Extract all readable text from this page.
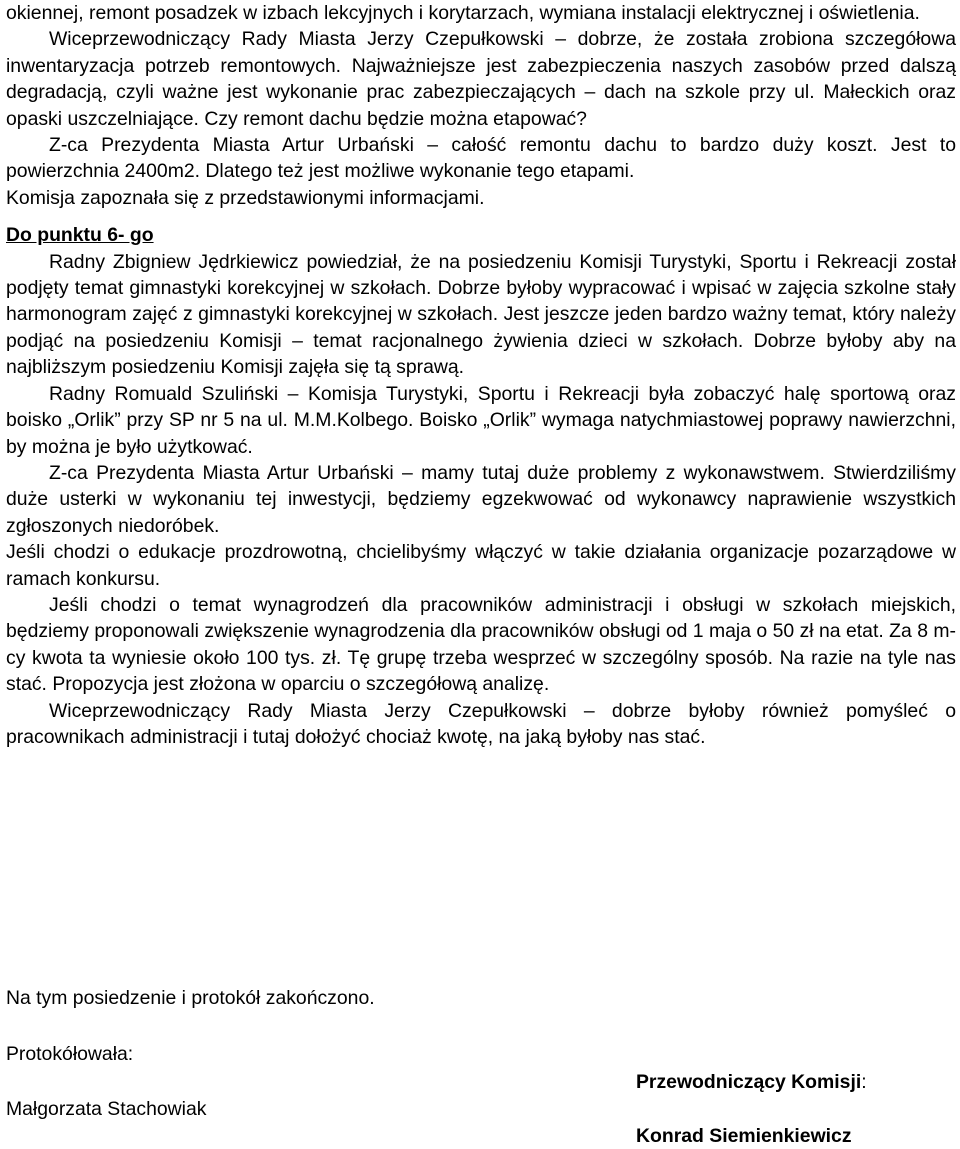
okiennej, remont posadzek w izbach lekcyjnych i korytarzach, wymiana instalacji elektrycznej i oświetlenia.

Wiceprzewodniczący Rady Miasta Jerzy Czepułkowski – dobrze, że została zrobiona szczegółowa inwentaryzacja potrzeb remontowych. Najważniejsze jest zabezpieczenia naszych zasobów przed dalszą degradacją, czyli ważne jest wykonanie prac zabezpieczających – dach na szkole przy ul. Małeckich oraz opaski uszczelniające. Czy remont dachu będzie można etapować?

Z-ca Prezydenta Miasta Artur Urbański – całość remontu dachu to bardzo duży koszt. Jest to powierzchnia 2400m2. Dlatego też jest możliwe wykonanie tego etapami.

Komisja zapoznała się z przedstawionymi informacjami.

Do punktu 6- go

Radny Zbigniew Jędrkiewicz powiedział, że na posiedzeniu Komisji Turystyki, Sportu i Rekreacji został podjęty temat gimnastyki korekcyjnej w szkołach. Dobrze byłoby wypracować i wpisać w zajęcia szkolne stały harmonogram zajęć z gimnastyki korekcyjnej w szkołach. Jest jeszcze jeden bardzo ważny temat, który należy podjąć na posiedzeniu Komisji – temat racjonalnego żywienia dzieci w szkołach. Dobrze byłoby aby na najbliższym posiedzeniu Komisji zajęła się tą sprawą.

Radny Romuald Szuliński – Komisja Turystyki, Sportu i Rekreacji była zobaczyć halę sportową oraz boisko „Orlik” przy SP nr 5 na ul. M.M.Kolbego. Boisko „Orlik” wymaga natychmiastowej poprawy nawierzchni, by można je było użytkować.

Z-ca Prezydenta Miasta Artur Urbański – mamy tutaj duże problemy z wykonawstwem. Stwierdziliśmy duże usterki w wykonaniu tej inwestycji, będziemy egzekwować od wykonawcy naprawienie wszystkich zgłoszonych niedoróbek.

Jeśli chodzi o edukacje prozdrowotną, chcielibyśmy włączyć w takie działania organizacje pozarządowe w ramach konkursu.

Jeśli chodzi o temat wynagrodzeń dla pracowników administracji i obsługi w szkołach miejskich, będziemy proponowali zwiększenie wynagrodzenia dla pracowników obsługi od 1 maja o 50 zł na etat. Za 8 m-cy kwota ta wyniesie około 100 tys. zł. Tę grupę trzeba wesprzeć w szczególny sposób. Na razie na tyle nas stać. Propozycja jest złożona w oparciu o szczegółową analizę.

Wiceprzewodniczący Rady Miasta Jerzy Czepułkowski – dobrze byłoby również pomyśleć o pracownikach administracji i tutaj dołożyć chociaż kwotę, na jaką byłoby nas stać.

Na tym posiedzenie i protokół zakończono.

Protokółowała:

Małgorzata Stachowiak

Przewodniczący Komisji:

Konrad Siemienkiewicz
